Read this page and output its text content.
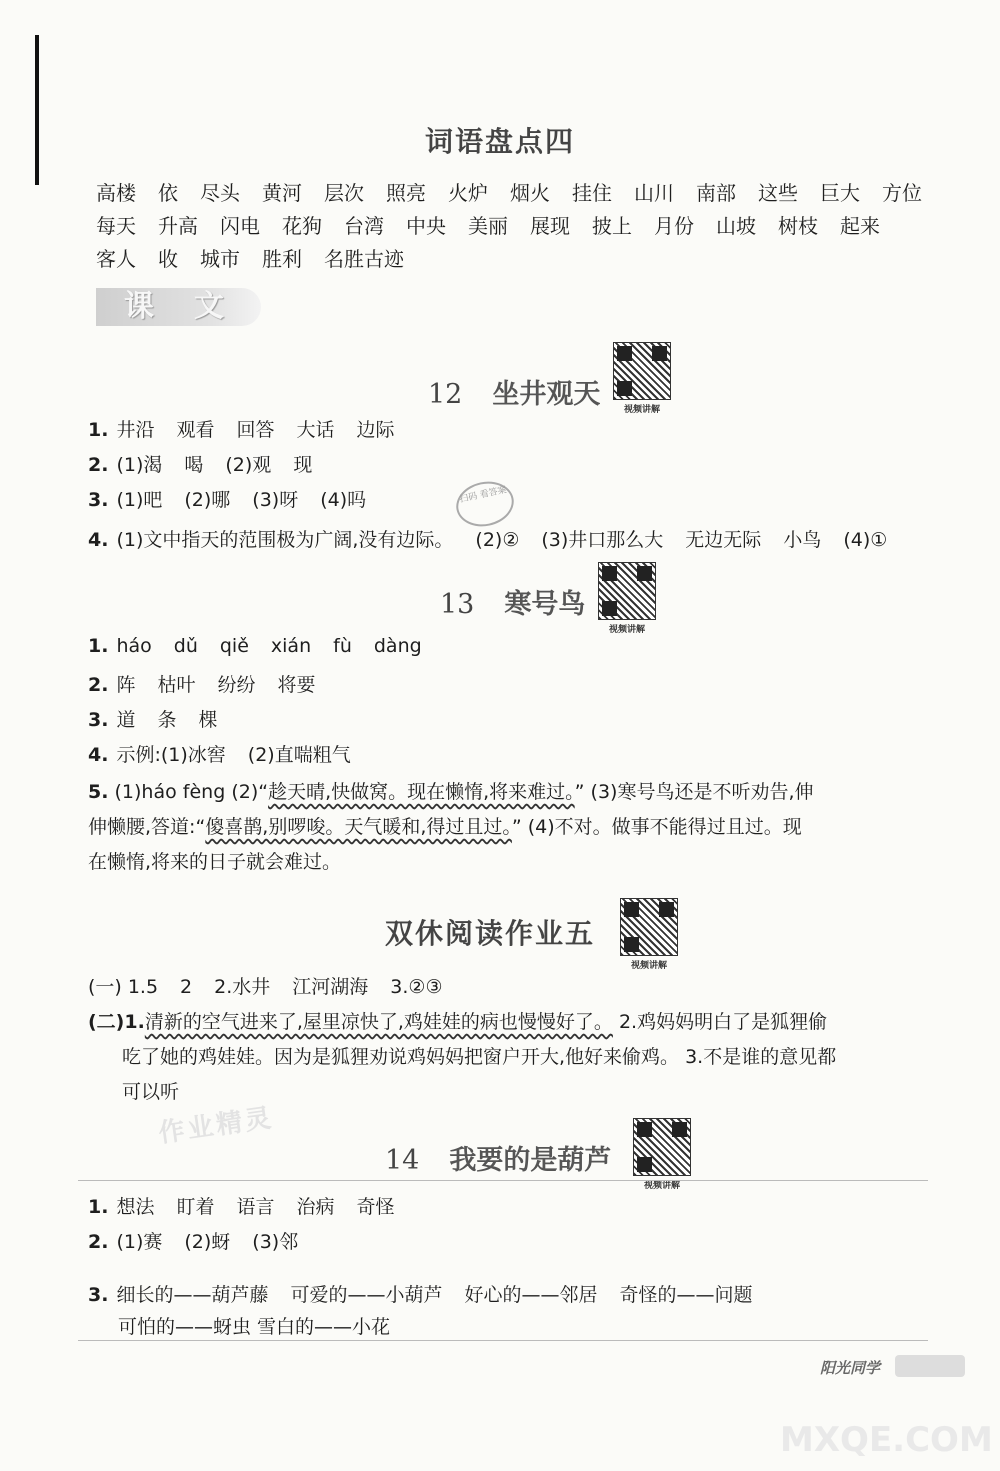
词语盘点四
高楼 依 尽头 黄河 层次 照亮 火炉 烟火 挂住 山川 南部 这些 巨大 方位
每天 升高 闪电 花狗 台湾 中央 美丽 展现 披上 月份 山坡 树枝 起来
客人 收 城市 胜利 名胜古迹
课 文
12 坐井观天	视频讲解
1. 井沿 观看 回答 大话 边际
2. (1)渴 喝 (2)观 现
3. (1)吧 (2)哪 (3)呀 (4)吗	扫码 看答案
4. (1)文中指天的范围极为广阔,没有边际。 (2)② (3)井口那么大 无边无际 小鸟 (4)①
13 寒号鸟
视频讲解
1. háo dǔ qiě xián fù dàng
2. 阵 枯叶 纷纷 将要
3. 道 条 棵
4. 示例:(1)冰窖 (2)直喘粗气
5. (1)háo fèng (2)“趁天晴,快做窝。现在懒惰,将来难过。” (3)寒号鸟还是不听劝告,伸
伸懒腰,答道:“傻喜鹊,别啰唆。天气暖和,得过且过。” (4)不对。做事不能得过且过。现
在懒惰,将来的日子就会难过。
双休阅读作业五
视频讲解
(一) 1.5 2 2.水井 江河湖海 3.②③
(二)1.清新的空气进来了,屋里凉快了,鸡娃娃的病也慢慢好了。 2.鸡妈妈明白了是狐狸偷
吃了她的鸡娃娃。因为是狐狸劝说鸡妈妈把窗户开大,他好来偷鸡。 3.不是谁的意见都
可以听
作业精灵
14 我要的是葫芦
视频讲解
1. 想法 盯着 语言 治病 奇怪
2. (1)赛 (2)蚜 (3)邻
3. 细长的——葫芦藤 可爱的——小葫芦 好心的——邻居 奇怪的——问题
可怕的——蚜虫 雪白的——小花
阳光同学
MXQE.COM
